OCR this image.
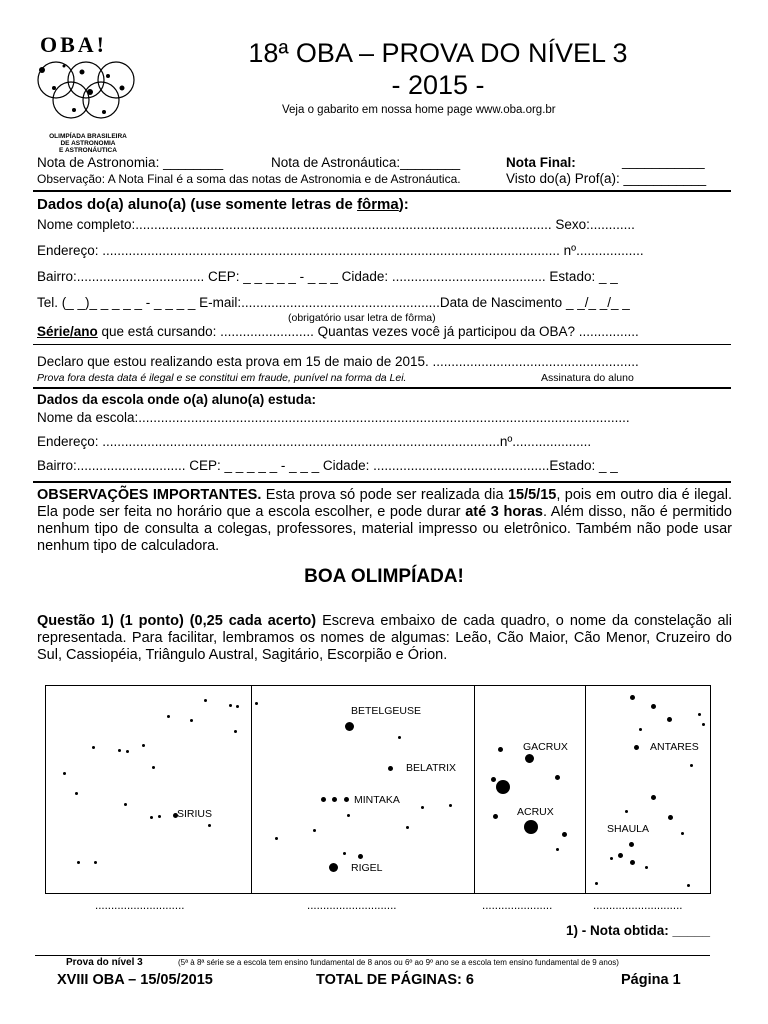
OBA!
OLIMPÍADA BRASILEIRA
DE ASTRONOMIA
E ASTRONÁUTICA
18ª OBA – PROVA DO NÍVEL 3
- 2015 -
Veja o gabarito em nossa home page www.oba.org.br
Nota de Astronomia: ________	Nota de Astronáutica:________	Nota Final:	___________
Observação: A Nota Final é a soma das notas de Astronomia e de Astronáutica.	Visto do(a) Prof(a): ___________
Dados do(a) aluno(a) (use somente letras de fôrma):
Nome completo:............................................................................................................... Sexo:............
Endereço: .......................................................................................................................... nº..................
Bairro:.................................. CEP: _ _ _ _ _ - _ _ _ Cidade: ......................................... Estado: _ _
Tel. (_ _)_ _ _ _ _ - _ _ _ _ E-mail:.....................................................Data de Nascimento _ _/_ _/_ _
(obrigatório usar letra de fôrma)
Série/ano que está cursando: ......................... Quantas vezes você já participou da OBA? ................
Declaro que estou realizando esta prova em 15 de maio de 2015. .......................................................
Prova fora desta data é ilegal e se constitui em fraude, punível na forma da Lei.	Assinatura do aluno
Dados da escola onde o(a) aluno(a) estuda:
Nome da escola:...................................................................................................................................
Endereço: ..........................................................................................................nº.....................
Bairro:............................. CEP: _ _ _ _ _ - _ _ _ Cidade: ...............................................Estado: _ _
OBSERVAÇÕES IMPORTANTES. Esta prova só pode ser realizada dia 15/5/15, pois em outro dia é ilegal. Ela pode ser feita no horário que a escola escolher, e pode durar até 3 horas. Além disso, não é permitido nenhum tipo de consulta a colegas, professores, material impresso ou eletrônico. Também não pode usar nenhum tipo de calculadora.
BOA OLIMPÍADA!
Questão 1) (1 ponto) (0,25 cada acerto) Escreva embaixo de cada quadro, o nome da constelação ali representada. Para facilitar, lembramos os nomes de algumas: Leão, Cão Maior, Cão Menor, Cruzeiro do Sul, Cassiopéia, Triângulo Austral, Sagitário, Escorpião e Órion.
SIRIUS
BETELGEUSE
BELATRIX
MINTAKA
RIGEL
GACRUX
ACRUX
ANTARES
SHAULA
............................	............................	......................	............................
1) - Nota obtida: _____
Prova do nível 3	(5ª à 8ª série se a escola tem ensino fundamental de 8 anos ou 6º ao 9º ano se a escola tem ensino fundamental de 9 anos)
XVIII OBA – 15/05/2015	TOTAL DE PÁGINAS: 6	Página 1
